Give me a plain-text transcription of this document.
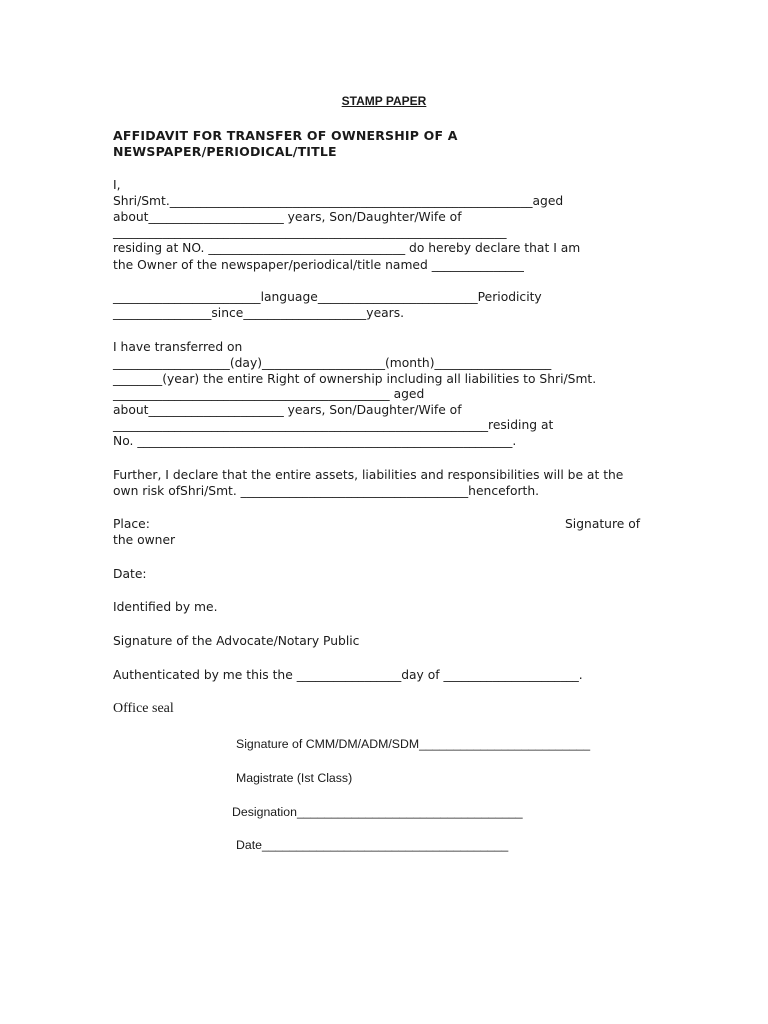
STAMP PAPER
AFFIDAVIT FOR TRANSFER OF OWNERSHIP OF A
NEWSPAPER/PERIODICAL/TITLE

I,

Shri/Smt.___________________________________________________________aged

about______________________ years, Son/Daughter/Wife of

________________________________________________________________

residing at NO. ________________________________ do hereby declare that I am

the Owner of the newspaper/periodical/title named _______________

________________________language__________________________Periodicity

________________since____________________years.

I have transferred on

___________________(day)____________________(month)___________________

________(year) the entire Right of ownership including all liabilities to Shri/Smt.

_____________________________________________ aged

about______________________ years, Son/Daughter/Wife of

_____________________________________________________________residing at

No. _____________________________________________________________.

Further, I declare that the entire assets, liabilities and responsibilities will be at the

own risk ofShri/Smt. _____________________________________henceforth.

Place:	Signature of

the owner

Date:

Identified by me.

Signature of the Advocate/Notary Public

Authenticated by me this the _________________day of ______________________.

Office seal
Signature of CMM/DM/ADM/SDM_________________________
Magistrate (Ist Class)
Designation_________________________________
Date____________________________________
